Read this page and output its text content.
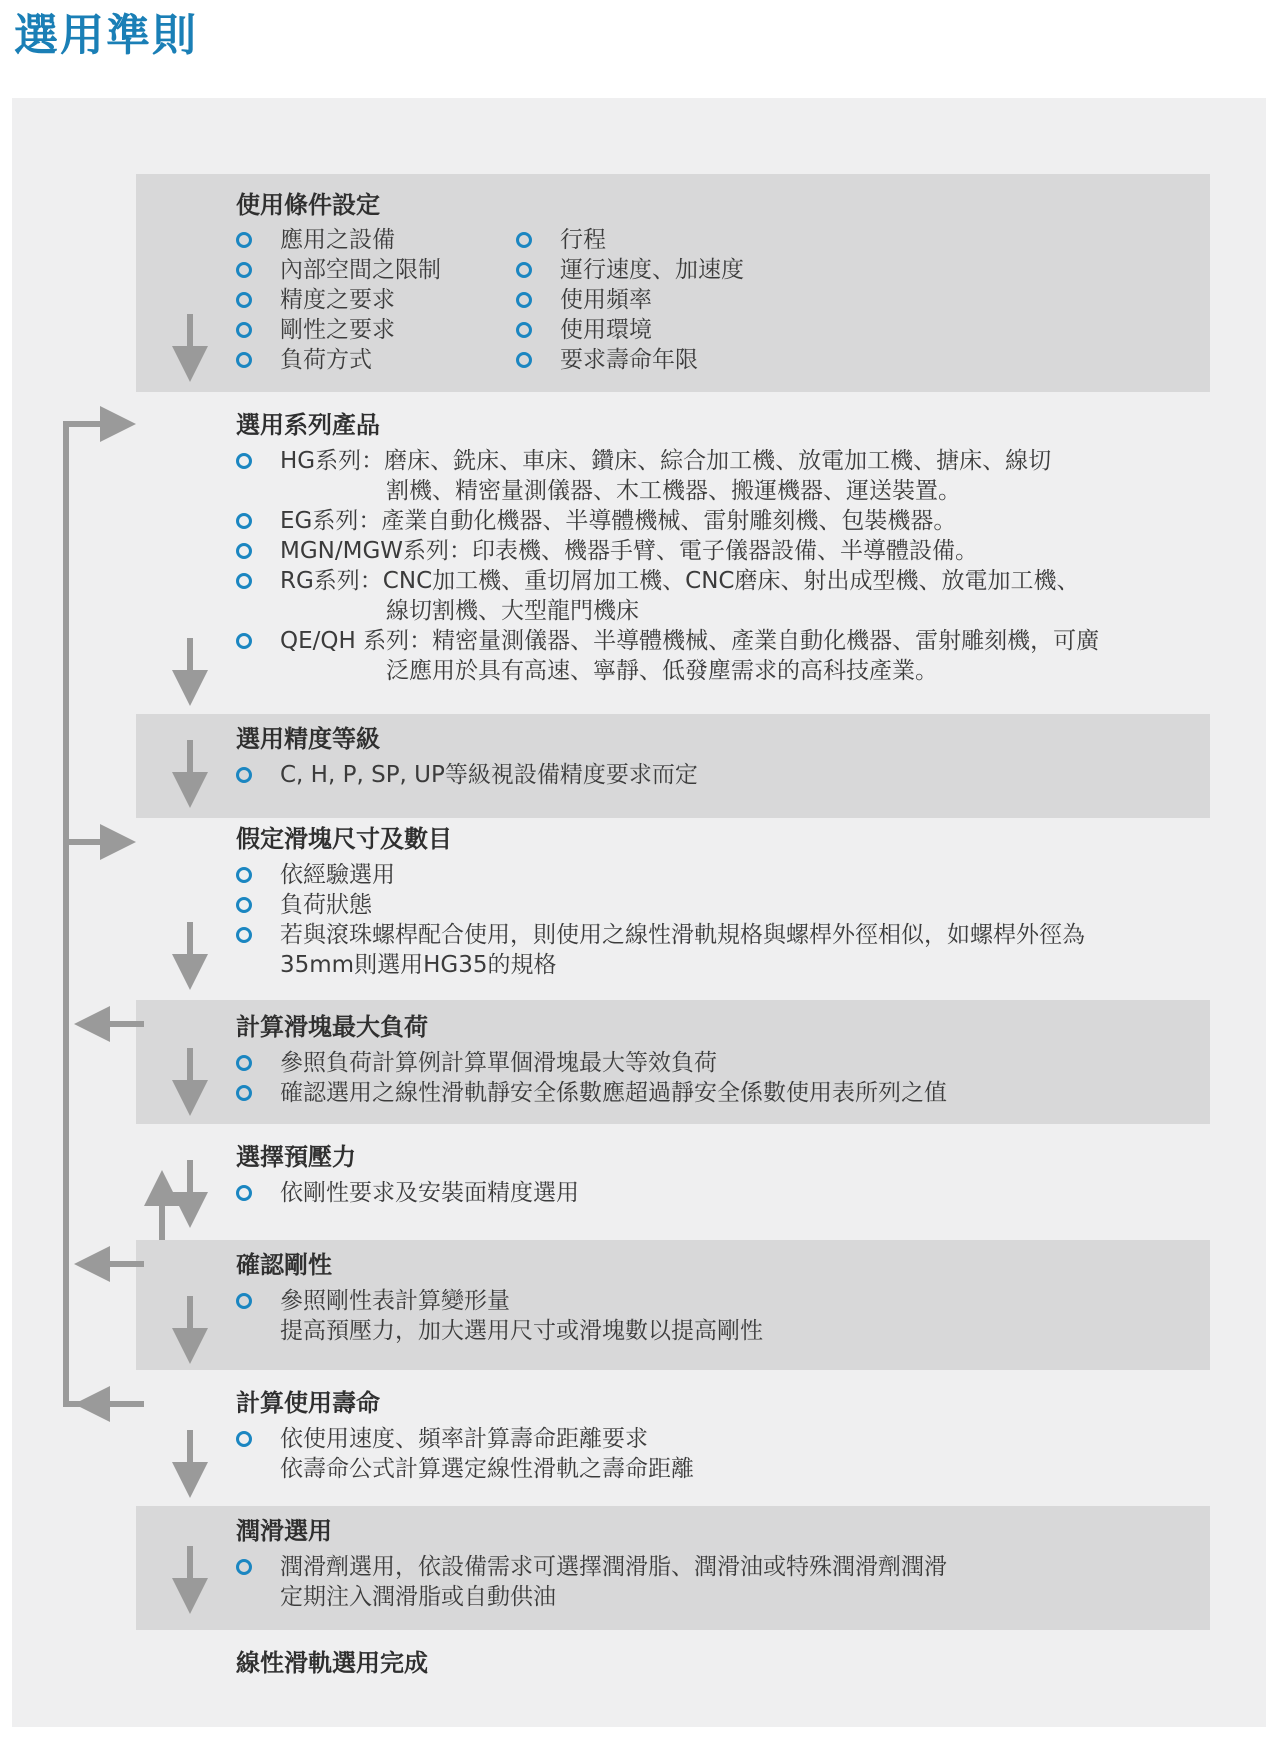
選用準則
使用條件設定
應用之設備
內部空間之限制
精度之要求
剛性之要求
負荷方式
行程
運行速度、加速度
使用頻率
使用環境
要求壽命年限
選用系列產品
HG系列：磨床、銑床、車床、鑽床、綜合加工機、放電加工機、搪床、線切
割機、精密量測儀器、木工機器、搬運機器、運送裝置。
EG系列：產業自動化機器、半導體機械、雷射雕刻機、包裝機器。
MGN/MGW系列：印表機、機器手臂、電子儀器設備、半導體設備。
RG系列：CNC加工機、重切屑加工機、CNC磨床、射出成型機、放電加工機、
線切割機、大型龍門機床
QE/QH 系列：精密量測儀器、半導體機械、產業自動化機器、雷射雕刻機，可廣
泛應用於具有高速、寧靜、低發塵需求的高科技產業。
選用精度等級
C, H, P, SP, UP等級視設備精度要求而定
假定滑塊尺寸及數目
依經驗選用
負荷狀態
若與滾珠螺桿配合使用，則使用之線性滑軌規格與螺桿外徑相似，如螺桿外徑為
35mm則選用HG35的規格
計算滑塊最大負荷
參照負荷計算例計算單個滑塊最大等效負荷
確認選用之線性滑軌靜安全係數應超過靜安全係數使用表所列之值
選擇預壓力
依剛性要求及安裝面精度選用
確認剛性
參照剛性表計算變形量
提高預壓力，加大選用尺寸或滑塊數以提高剛性
計算使用壽命
依使用速度、頻率計算壽命距離要求
依壽命公式計算選定線性滑軌之壽命距離
潤滑選用
潤滑劑選用，依設備需求可選擇潤滑脂、潤滑油或特殊潤滑劑潤滑
定期注入潤滑脂或自動供油
線性滑軌選用完成
